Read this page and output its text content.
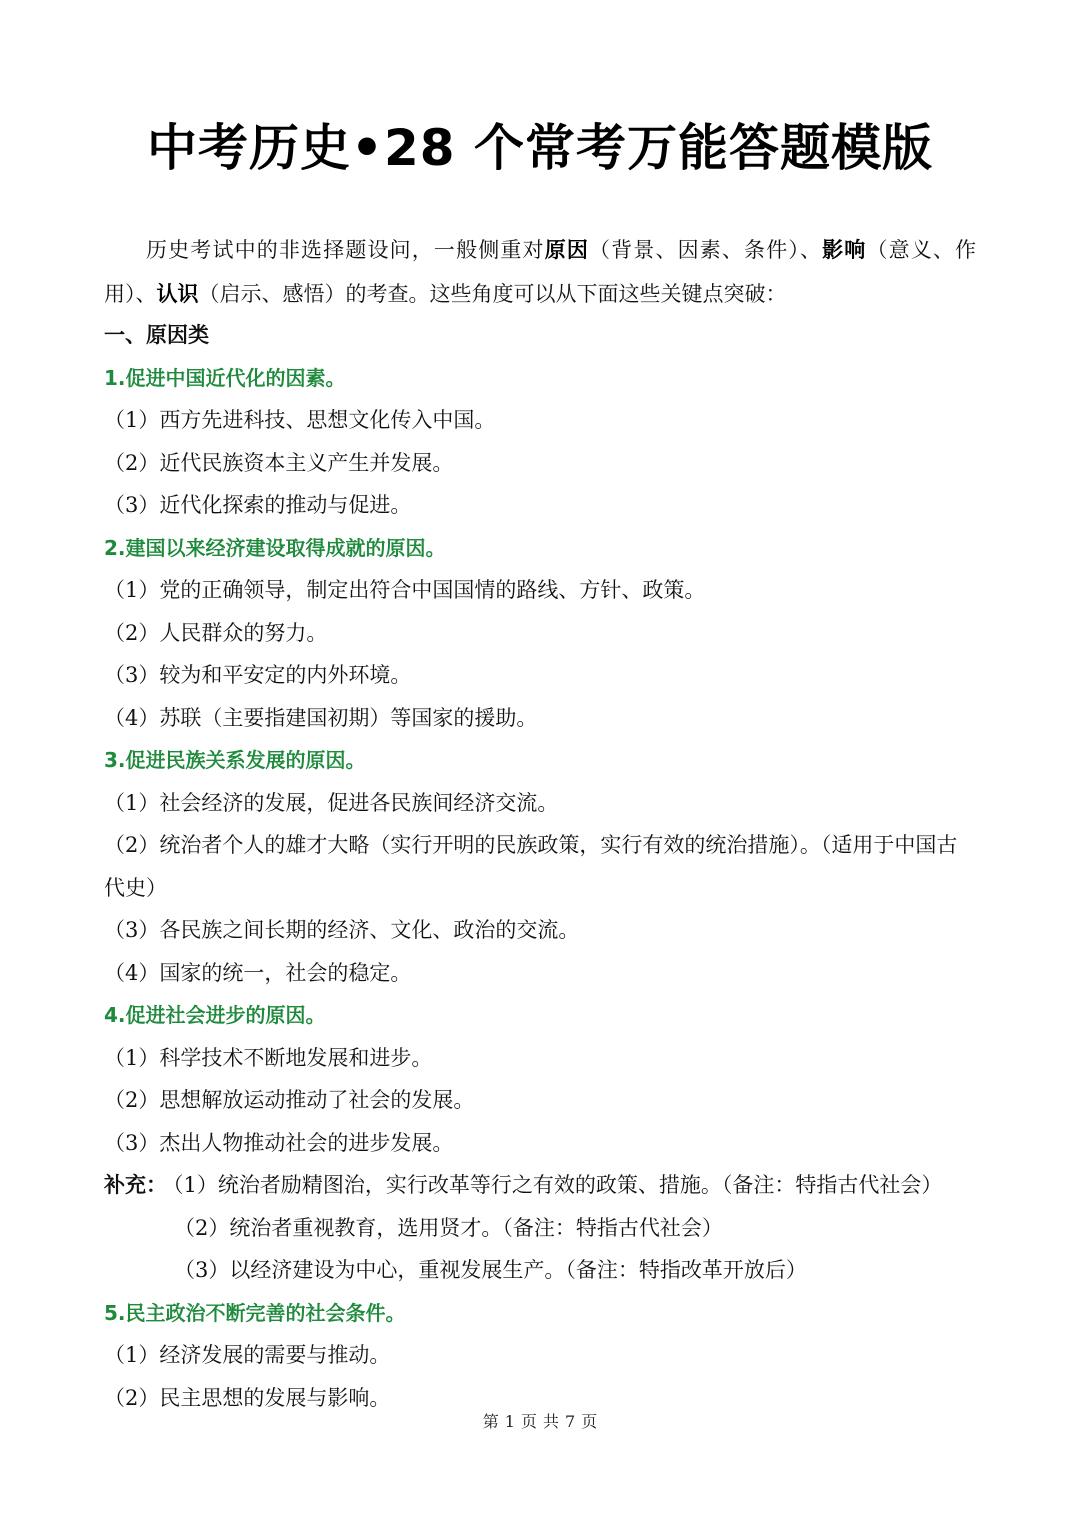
中考历史•28 个常考万能答题模版
历史考试中的非选择题设问，一般侧重对原因（背景、因素、条件）、影响（意义、作用）、认识（启示、感悟）的考查。这些角度可以从下面这些关键点突破：
一、原因类
1.促进中国近代化的因素。
（1）西方先进科技、思想文化传入中国。
（2）近代民族资本主义产生并发展。
（3）近代化探索的推动与促进。
2.建国以来经济建设取得成就的原因。
（1）党的正确领导，制定出符合中国国情的路线、方针、政策。
（2）人民群众的努力。
（3）较为和平安定的内外环境。
（4）苏联（主要指建国初期）等国家的援助。
3.促进民族关系发展的原因。
（1）社会经济的发展，促进各民族间经济交流。
（2）统治者个人的雄才大略（实行开明的民族政策，实行有效的统治措施）。（适用于中国古代史）
（3）各民族之间长期的经济、文化、政治的交流。
（4）国家的统一，社会的稳定。
4.促进社会进步的原因。
（1）科学技术不断地发展和进步。
（2）思想解放运动推动了社会的发展。
（3）杰出人物推动社会的进步发展。
补充： （1）统治者励精图治，实行改革等行之有效的政策、措施。（备注：特指古代社会）
（2）统治者重视教育，选用贤才。（备注：特指古代社会）
（3）以经济建设为中心，重视发展生产。（备注：特指改革开放后）
5.民主政治不断完善的社会条件。
（1）经济发展的需要与推动。
（2）民主思想的发展与影响。
第 1 页 共 7 页
